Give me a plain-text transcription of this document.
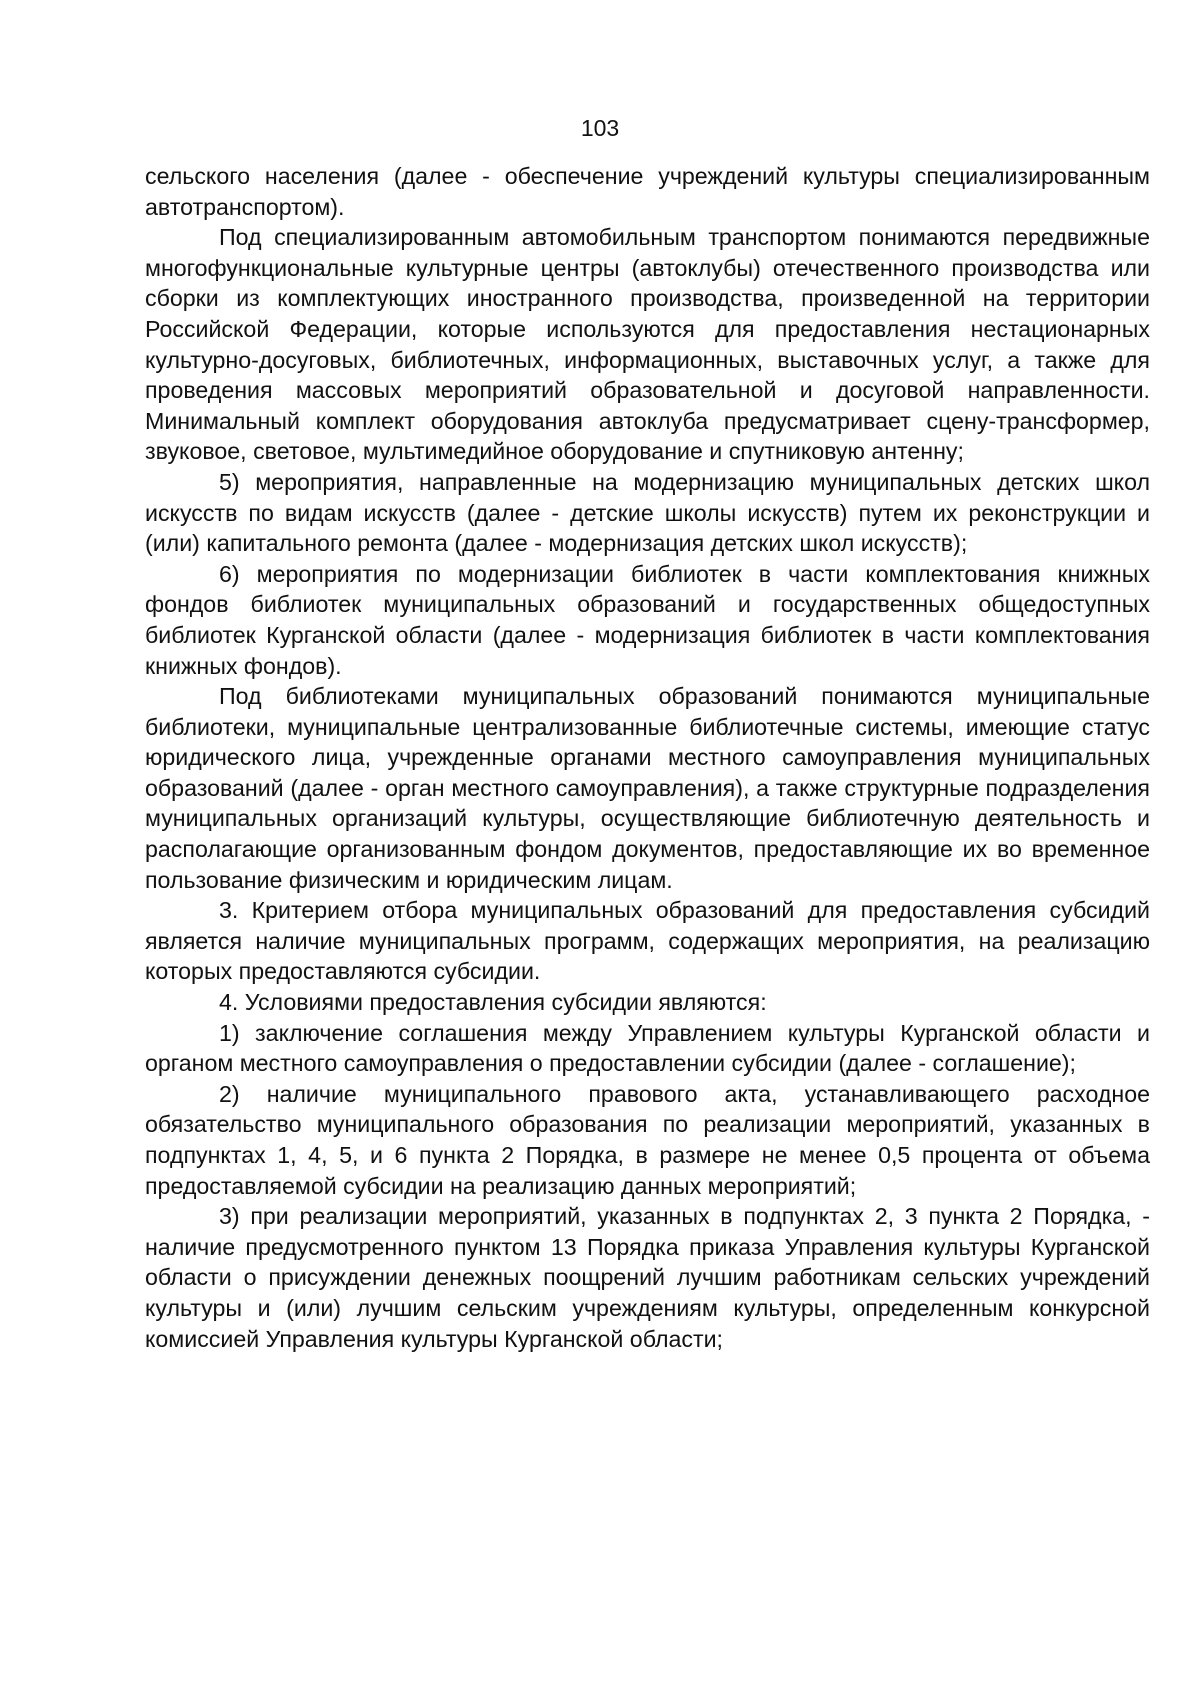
103

сельского населения (далее - обеспечение учреждений культуры специализированным автотранспортом).

Под специализированным автомобильным транспортом понимаются передвижные многофункциональные культурные центры (автоклубы) отечественного производства или сборки из комплектующих иностранного производства, произведенной на территории Российской Федерации, которые используются для предоставления нестационарных культурно-досуговых, библиотечных, информационных, выставочных услуг, а также для проведения массовых мероприятий образовательной и досуговой направленности. Минимальный комплект оборудования автоклуба предусматривает сцену-трансформер, звуковое, световое, мультимедийное оборудование и спутниковую антенну;

5) мероприятия, направленные на модернизацию муниципальных детских школ искусств по видам искусств (далее - детские школы искусств) путем их реконструкции и (или) капитального ремонта (далее - модернизация детских школ искусств);

6) мероприятия по модернизации библиотек в части комплектования книжных фондов библиотек муниципальных образований и государственных общедоступных библиотек Курганской области (далее - модернизация библиотек в части комплектования книжных фондов).

Под библиотеками муниципальных образований понимаются муниципальные библиотеки, муниципальные централизованные библиотечные системы, имеющие статус юридического лица, учрежденные органами местного самоуправления муниципальных образований (далее - орган местного самоуправления), а также структурные подразделения муниципальных организаций культуры, осуществляющие библиотечную деятельность и располагающие организованным фондом документов, предоставляющие их во временное пользование физическим и юридическим лицам.

3. Критерием отбора муниципальных образований для предоставления субсидий является наличие муниципальных программ, содержащих мероприятия, на реализацию которых предоставляются субсидии.

4. Условиями предоставления субсидии являются:

1) заключение соглашения между Управлением культуры Курганской области и органом местного самоуправления о предоставлении субсидии (далее - соглашение);

2) наличие муниципального правового акта, устанавливающего расходное обязательство муниципального образования по реализации мероприятий, указанных в подпунктах 1, 4, 5, и 6 пункта 2 Порядка, в размере не менее 0,5 процента от объема предоставляемой субсидии на реализацию данных мероприятий;

3) при реализации мероприятий, указанных в подпунктах 2, 3 пункта 2 Порядка, - наличие предусмотренного пунктом 13 Порядка приказа Управления культуры Курганской области о присуждении денежных поощрений лучшим работникам сельских учреждений культуры и (или) лучшим сельским учреждениям культуры, определенным конкурсной комиссией Управления культуры Курганской области;
